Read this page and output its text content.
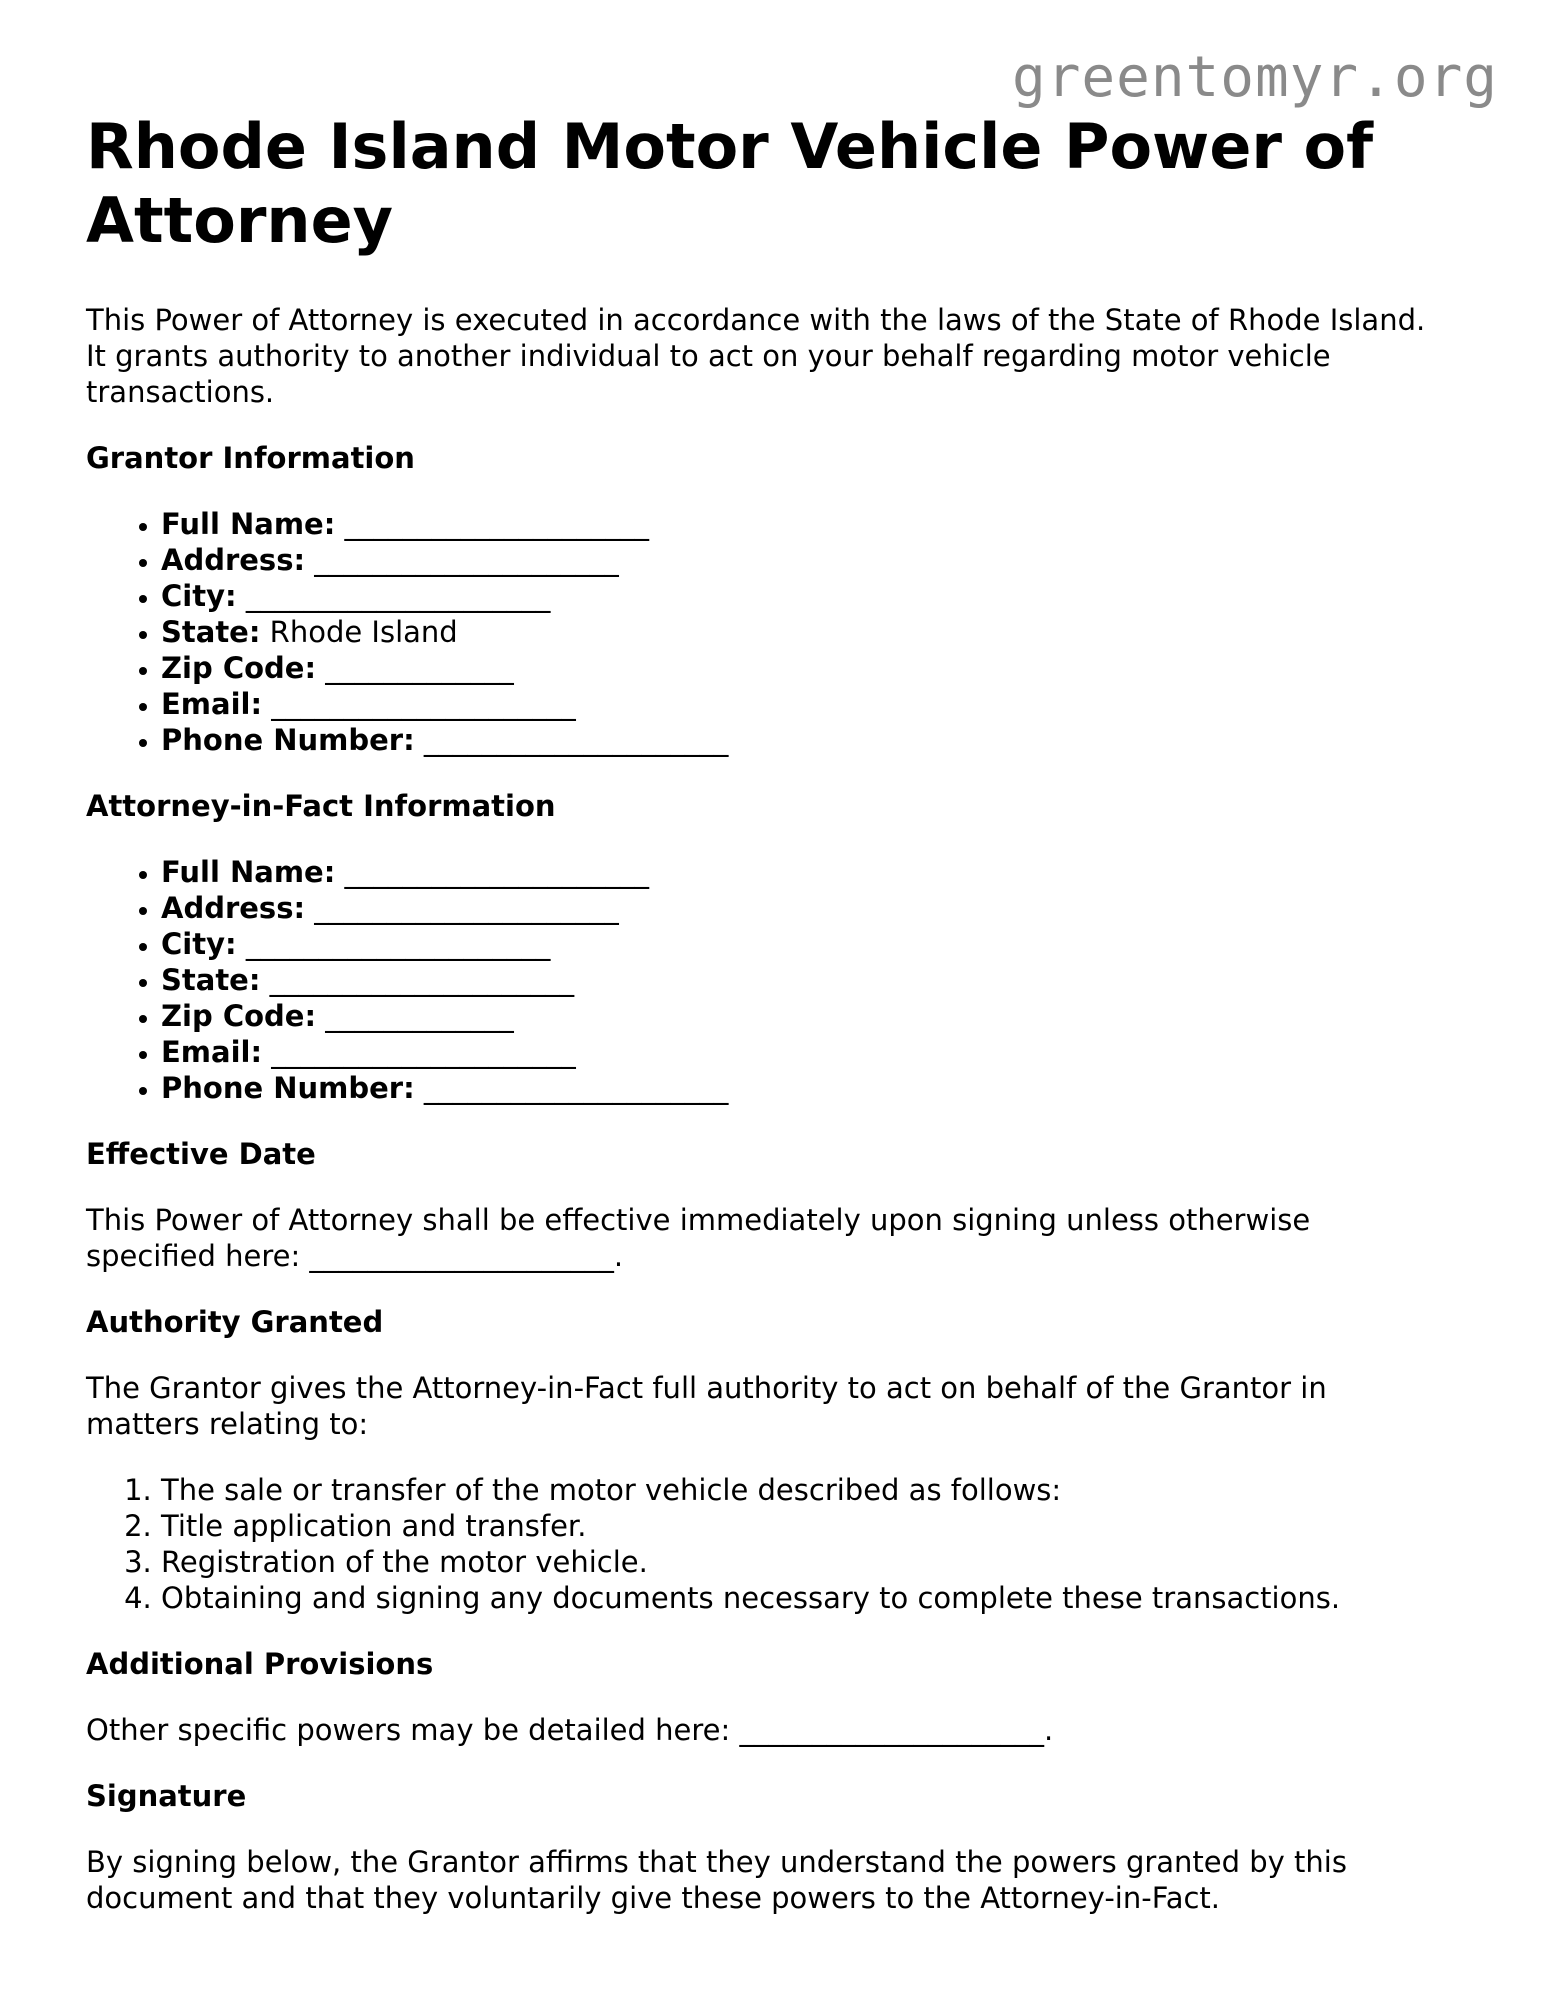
greentomyr.org
Rhode Island Motor Vehicle Power of Attorney

This Power of Attorney is executed in accordance with the laws of the State of Rhode Island. It grants authority to another individual to act on your behalf regarding motor vehicle transactions.

Grantor Information
• Full Name: _____________________
• Address: _____________________
• City: _____________________
• State: Rhode Island
• Zip Code: _____________
• Email: _____________________
• Phone Number: _____________________
Attorney-in-Fact Information
• Full Name: _____________________
• Address: _____________________
• City: _____________________
• State: _____________________
• Zip Code: _____________
• Email: _____________________
• Phone Number: _____________________
Effective Date

This Power of Attorney shall be effective immediately upon signing unless otherwise specified here: _____________________.

Authority Granted

The Grantor gives the Attorney-in-Fact full authority to act on behalf of the Grantor in matters relating to:

1. The sale or transfer of the motor vehicle described as follows:
2. Title application and transfer.
3. Registration of the motor vehicle.
4. Obtaining and signing any documents necessary to complete these transactions.
Additional Provisions

Other specific powers may be detailed here: _____________________.

Signature

By signing below, the Grantor affirms that they understand the powers granted by this document and that they voluntarily give these powers to the Attorney-in-Fact.
